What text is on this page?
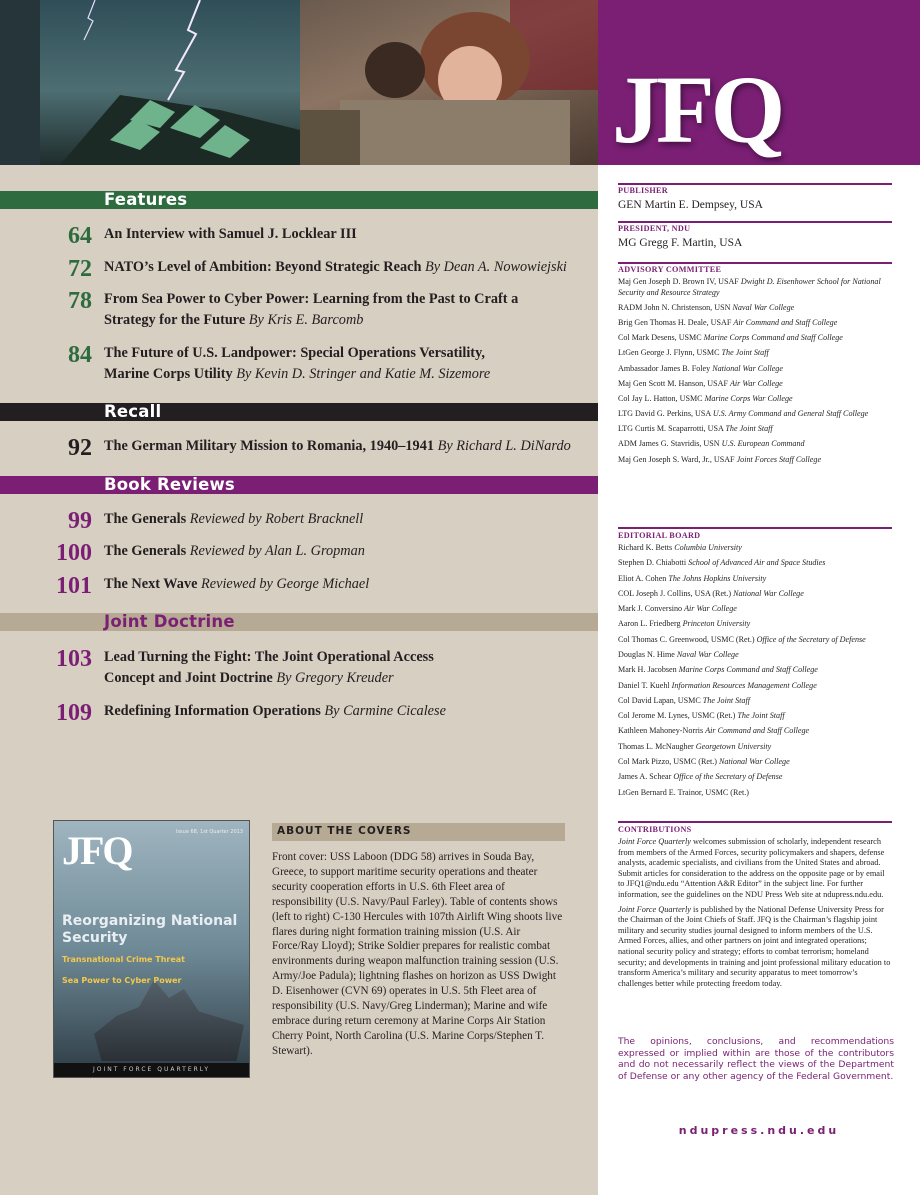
JFQ
Features
64 An Interview with Samuel J. Locklear III
72 NATO’s Level of Ambition: Beyond Strategic Reach By Dean A. Nowowiejski
78 From Sea Power to Cyber Power: Learning from the Past to Craft a Strategy for the Future By Kris E. Barcomb
84 The Future of U.S. Landpower: Special Operations Versatility, Marine Corps Utility By Kevin D. Stringer and Katie M. Sizemore
Recall
92 The German Military Mission to Romania, 1940–1941 By Richard L. DiNardo
Book Reviews
99 The Generals Reviewed by Robert Bracknell
100 The Generals Reviewed by Alan L. Gropman
101 The Next Wave Reviewed by George Michael
Joint Doctrine
103 Lead Turning the Fight: The Joint Operational Access Concept and Joint Doctrine By Gregory Kreuder
109 Redefining Information Operations By Carmine Cicalese
JFQ	Issue 68, 1st Quarter 2013
Reorganizing National Security
Transnational Crime Threat
Sea Power to Cyber Power
JOINT FORCE QUARTERLY
ABOUT THE COVERS
Front cover: USS Laboon (DDG 58) arrives in Souda Bay, Greece, to support maritime security operations and theater security cooperation efforts in U.S. 6th Fleet area of responsibility (U.S. Navy/Paul Farley). Table of contents shows (left to right) C-130 Hercules with 107th Airlift Wing shoots live flares during night formation training mission (U.S. Air Force/Ray Lloyd); Strike Soldier prepares for realistic combat environments during weapon malfunction training session (U.S. Army/Joe Padula); lightning flashes on horizon as USS Dwight D. Eisenhower (CVN 69) operates in U.S. 5th Fleet area of responsibility (U.S. Navy/Greg Linderman); Marine and wife embrace during return ceremony at Marine Corps Air Station Cherry Point, North Carolina (U.S. Marine Corps/Stephen T. Stewart).
PUBLISHER
GEN Martin E. Dempsey, USA
PRESIDENT, NDU
MG Gregg F. Martin, USA
ADVISORY COMMITTEE
Maj Gen Joseph D. Brown IV, USAF Dwight D. Eisenhower School for National Security and Resource Strategy
RADM John N. Christenson, USN Naval War College
Brig Gen Thomas H. Deale, USAF Air Command and Staff College
Col Mark Desens, USMC Marine Corps Command and Staff College
LtGen George J. Flynn, USMC The Joint Staff
Ambassador James B. Foley National War College
Maj Gen Scott M. Hanson, USAF Air War College
Col Jay L. Hatton, USMC Marine Corps War College
LTG David G. Perkins, USA U.S. Army Command and General Staff College
LTG Curtis M. Scaparrotti, USA The Joint Staff
ADM James G. Stavridis, USN U.S. European Command
Maj Gen Joseph S. Ward, Jr., USAF Joint Forces Staff College
EDITORIAL BOARD
Richard K. Betts Columbia University
Stephen D. Chiabotti School of Advanced Air and Space Studies
Eliot A. Cohen The Johns Hopkins University
COL Joseph J. Collins, USA (Ret.) National War College
Mark J. Conversino Air War College
Aaron L. Friedberg Princeton University
Col Thomas C. Greenwood, USMC (Ret.) Office of the Secretary of Defense
Douglas N. Hime Naval War College
Mark H. Jacobsen Marine Corps Command and Staff College
Daniel T. Kuehl Information Resources Management College
Col David Lapan, USMC The Joint Staff
Col Jerome M. Lynes, USMC (Ret.) The Joint Staff
Kathleen Mahoney-Norris Air Command and Staff College
Thomas L. McNaugher Georgetown University
Col Mark Pizzo, USMC (Ret.) National War College
James A. Schear Office of the Secretary of Defense
LtGen Bernard E. Trainor, USMC (Ret.)
CONTRIBUTIONS
Joint Force Quarterly welcomes submission of scholarly, independent research from members of the Armed Forces, security policymakers and shapers, defense analysts, academic specialists, and civilians from the United States and abroad. Submit articles for consideration to the address on the opposite page or by email to JFQ1@ndu.edu “Attention A&R Editor” in the subject line. For further information, see the guidelines on the NDU Press Web site at ndupress.ndu.edu.
Joint Force Quarterly is published by the National Defense University Press for the Chairman of the Joint Chiefs of Staff. JFQ is the Chairman’s flagship joint military and security studies journal designed to inform members of the U.S. Armed Forces, allies, and other partners on joint and integrated operations; national security policy and strategy; efforts to combat terrorism; homeland security; and developments in training and joint professional military education to transform America’s military and security apparatus to meet tomorrow’s challenges better while protecting freedom today.
The opinions, conclusions, and recommendations expressed or implied within are those of the contributors and do not necessarily reflect the views of the Department of Defense or any other agency of the Federal Government.
ndupress.ndu.edu
